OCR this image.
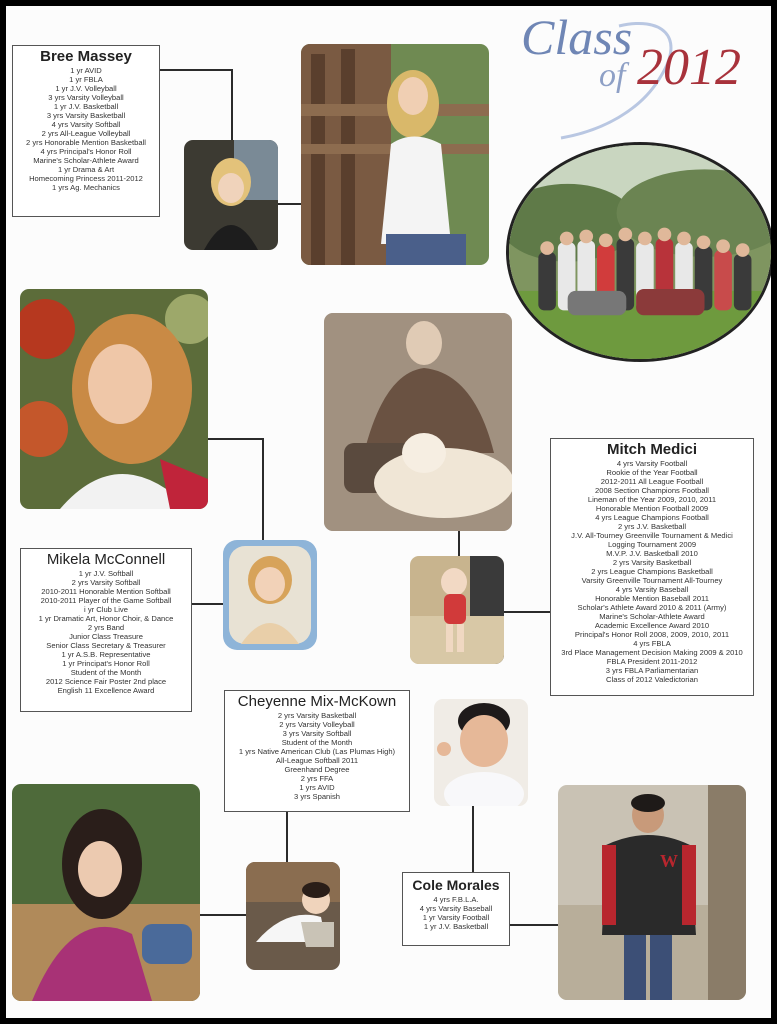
Class
of 2012
Bree Massey
1 yr AVID
1 yr FBLA
1 yr J.V. Volleyball
3 yrs Varsity Volleyball
1 yr J.V. Basketball
3 yrs Varsity Basketball
4 yrs Varsity Softball
2 yrs All-League Volleyball
2 yrs Honorable Mention Basketball
4 yrs Principal's Honor Roll
Marine's Scholar-Athlete Award
1 yr Drama & Art
Homecoming Princess 2011-2012
1 yrs Ag. Mechanics
Mikela McConnell
1 yr J.V. Softball
2 yrs Varsity Softball
2010-2011 Honorable Mention Softball
2010-2011 Player of the Game Softball
i yr Club Live
1 yr Dramatic Art, Honor Choir, & Dance
2 yrs Band
Junior Class Treasure
Senior Class Secretary & Treasurer
1 yr A.S.B. Representative
1 yr Principat's Honor Roll
Student of the Month
2012 Science Fair Poster 2nd place
English 11 Excellence Award
Mitch Medici
4 yrs Varsity Football
Rookie of the Year Football
2012-2011 All League Football
2008 Section Champions Football
Lineman of the Year 2009, 2010, 2011
Honorable Mention Football 2009
4 yrs League Champions Football
2 yrs J.V. Basketball
J.V. All-Tourney Greenville Tournament & Medici
Logging Tournament 2009
M.V.P. J.V. Basketball 2010
2 yrs Varsity Basketball
2 yrs League Champions Basketball
Varsity Greenville Tournament All-Tourney
4 yrs Varsity Baseball
Honorable Mention Baseball 2011
Scholar's Athlete Award 2010 & 2011 (Army)
Marine's Scholar-Athlete Award
Academic Excellence Award 2010
Principal's Honor Roll 2008, 2009, 2010, 2011
4 yrs FBLA
3rd Place Management Decision Making 2009 & 2010
FBLA President 2011-2012
3 yrs FBLA Parliamentarian
Class of 2012 Valedictorian
Cheyenne Mix-McKown
2 yrs Varsity Basketball
2 yrs Varsity Volleyball
3 yrs Varsity Softball
Student of the Month
1 yrs Native American Club (Las Plumas High)
All-League Softball 2011
Greenhand Degree
2 yrs FFA
1 yrs AVID
3 yrs Spanish
Cole Morales
4 yrs F.B.L.A.
4 yrs Varsity Baseball
1 yr Varsity Football
1 yr J.V. Basketball
W
